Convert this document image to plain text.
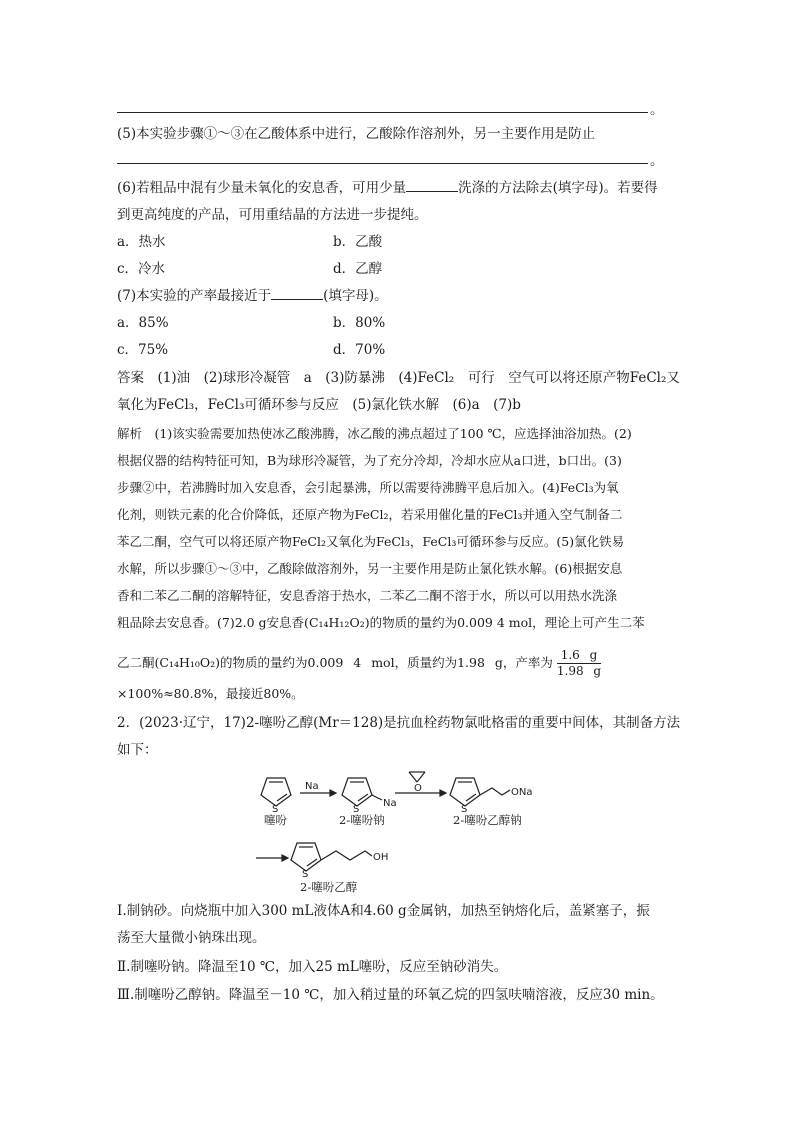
。
(5)本实验步骤①～③在乙酸体系中进行，乙酸除作溶剂外，另一主要作用是防止
。
(6)若粗品中混有少量未氧化的安息香，可用少量	洗涤的方法除去(填字母)。若要得
到更高纯度的产品，可用重结晶的方法进一步提纯。
a．热水	b．乙酸
c．冷水	d．乙醇
(7)本实验的产率最接近于	(填字母)。
a．85%	b．80%
c．75%	d．70%
答案　(1)油　(2)球形冷凝管　a　(3)防暴沸　(4)FeCl₂　可行　空气可以将还原产物FeCl₂又
氧化为FeCl₃，FeCl₃可循环参与反应　(5)氯化铁水解　(6)a　(7)b
解析　(1)该实验需要加热使冰乙酸沸腾，冰乙酸的沸点超过了100 ℃，应选择油浴加热。(2)
根据仪器的结构特征可知，B为球形冷凝管，为了充分冷却，冷却水应从a口进，b口出。(3)
步骤②中，若沸腾时加入安息香，会引起暴沸，所以需要待沸腾平息后加入。(4)FeCl₃为氧
化剂，则铁元素的化合价降低，还原产物为FeCl₂，若采用催化量的FeCl₃并通入空气制备二
苯乙二酮，空气可以将还原产物FeCl₂又氧化为FeCl₃，FeCl₃可循环参与反应。(5)氯化铁易
水解，所以步骤①～③中，乙酸除做溶剂外，另一主要作用是防止氯化铁水解。(6)根据安息
香和二苯乙二酮的溶解特征，安息香溶于热水，二苯乙二酮不溶于水，所以可以用热水洗涤
粗品除去安息香。(7)2.0 g安息香(C₁₄H₁₂O₂)的物质的量约为0.009 4 mol，理论上可产生二苯
乙二酮(C₁₄H₁₀O₂)的物质的量约为0.009 4 mol，质量约为1.98 g，产率为 $\frac{1.6 g}{1.98 g}$
×100%≈80.8%，最接近80%。
2．(2023·辽宁，17)2-噻吩乙醇(Mr＝128)是抗血栓药物氯吡格雷的重要中间体，其制备方法
如下：
S	S	S
S
Na
ONa
OH
Na	O
噻吩	2-噻吩钠	2-噻吩乙醇钠
2-噻吩乙醇
Ⅰ.制钠砂。向烧瓶中加入300 mL液体A和4.60 g金属钠，加热至钠熔化后，盖紧塞子，振
荡至大量微小钠珠出现。
Ⅱ.制噻吩钠。降温至10 ℃，加入25 mL噻吩，反应至钠砂消失。
Ⅲ.制噻吩乙醇钠。降温至－10 ℃，加入稍过量的环氧乙烷的四氢呋喃溶液，反应30 min。
